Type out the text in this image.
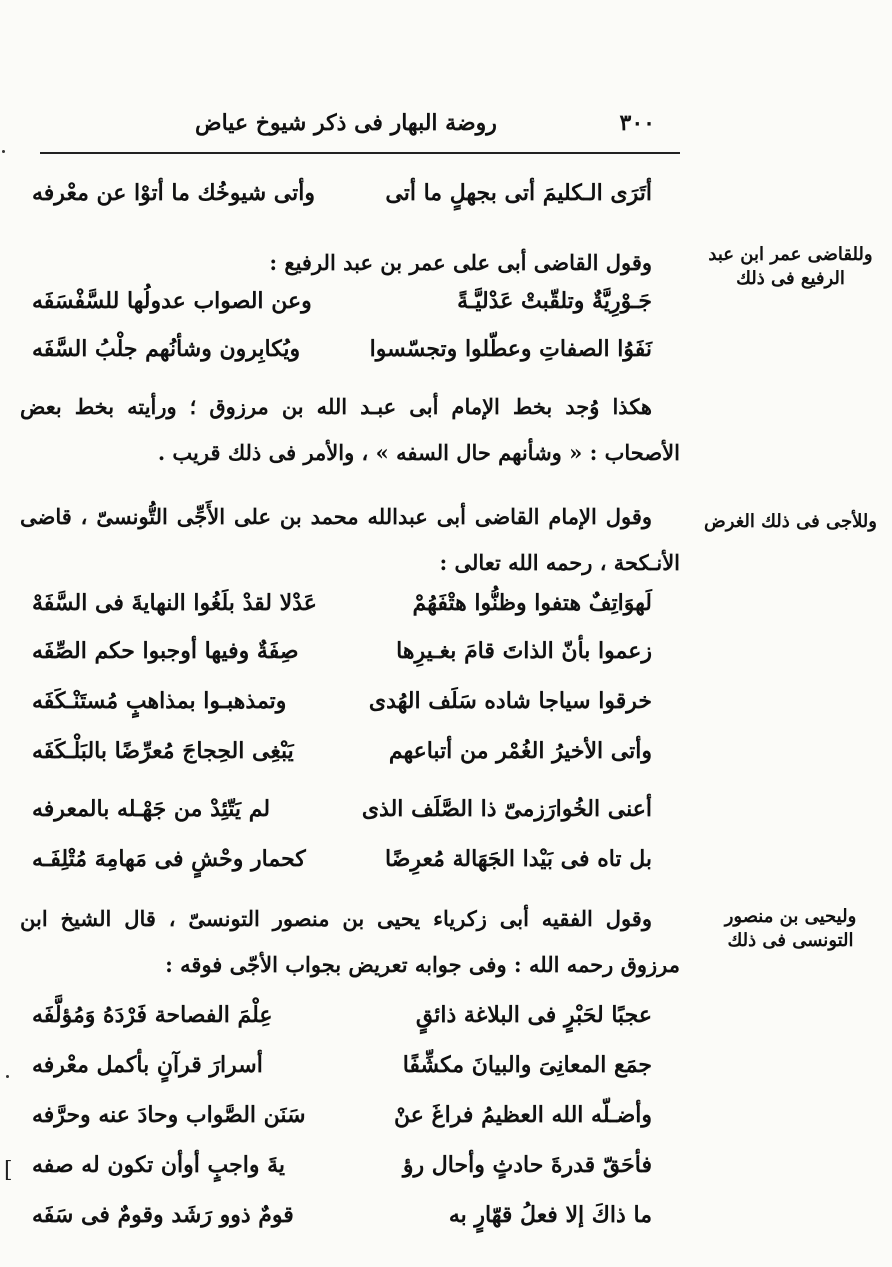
٣٠٠
روضة البهار فى ذكر شيوخ عياض
أتَرَى الـكليمَ أتى بجهلٍ ما أتى
وأتى شيوخُك ما أتوْا عن معْرفه
وللقاضى عمر ابن عبد الرفيع فى ذلك
وقول القاضى أبى على عمر بن عبد الرفيع :
جَـوْرِيَّةٌ وتلقّبتْ عَدْليَّـةً
وعن الصواب عدولُها للسَّفْسَفَه
نَفَوُا الصفاتِ وعطّلوا وتجسّسوا
ويُكابِرون وشأنُهم جلْبُ السَّفَه
هكذا وُجد بخط الإمام أبى عبـد الله بن مرزوق ؛ ورأيته بخط بعض الأصحاب : « وشأنهم حال السفه » ، والأمر فى ذلك قريب .
وللأجى فى ذلك الغرض
وقول الإمام القاضى أبى عبدالله محمد بن على الأَجِّى التُّونسىّ ، قاضى الأنـكحة ، رحمه الله تعالى :
لَهوَاتِفٌ هتفوا وظنُّوا هتْفَهُمْ
عَدْلا لقدْ بلَغُوا النهايةَ فى السَّفَهْ
زعموا بأنّ الذاتَ قامَ بغـيرِها
صِفَةٌ وفيها أوجبوا حكم الصِّفَه
خرقوا سياجا شاده سَلَف الهُدى
وتمذهبـوا بمذاهبٍ مُستَنْـكَفَه
وأتى الأخيرُ الغُمْر من أتباعهم
يَبْغِى الحِجاجَ مُعرِّضًا بالبَلْـكَفَه
أعنى الخُوارَزمىّ ذا الصَّلَف الذى
لم يَتّئِدْ من جَهْـله بالمعرفه
بل تاه فى بَيْدا الجَهَالة مُعرِضًا
كحمار وحْشٍ فى مَهامِهَ مُتْلِفَـه
وليحيى بن منصور التونسى فى ذلك
وقول الفقيه أبى زكرياء يحيى بن منصور التونسىّ ، قال الشيخ ابن مرزوق رحمه الله : وفى جوابه تعريض بجواب الأجّى فوقه :
عجبًا لحَبْرٍ فى البلاغة ذائقٍ
عِلْمَ الفصاحة فَرْدَهُ وَمُؤلَّفَه
جمَع المعانِىَ والبيانَ مكشِّفًا
أسرارَ قرآنٍ بأكمل معْرفه
وأضـلّه الله العظيمُ فراغَ عنْ
سَنَن الصَّواب وحادَ عنه وحرَّفه
فأحَقّ قدرةَ حادثٍ وأحال رؤ
يةَ واجبٍ أوأن تكون له صفه
ما ذاكَ إلا فعلُ قهّارٍ به
قومٌ ذوو رَشَد وقومٌ فى سَفَه
[
